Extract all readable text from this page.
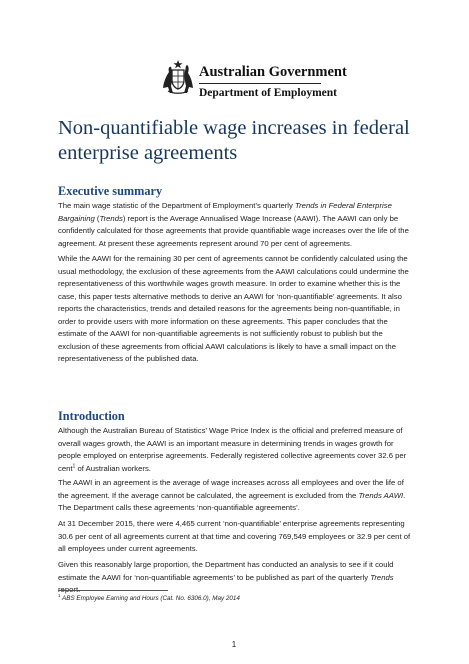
Australian Government
Department of Employment
Non-quantifiable wage increases in federal enterprise agreements
Executive summary

The main wage statistic of the Department of Employment’s quarterly Trends in Federal Enterprise Bargaining (Trends) report is the Average Annualised Wage Increase (AAWI). The AAWI can only be confidently calculated for those agreements that provide quantifiable wage increases over the life of the agreement. At present these agreements represent around 70 per cent of agreements.

While the AAWI for the remaining 30 per cent of agreements cannot be confidently calculated using the usual methodology, the exclusion of these agreements from the AAWI calculations could undermine the representativeness of this worthwhile wages growth measure. In order to examine whether this is the case, this paper tests alternative methods to derive an AAWI for ‘non-quantifiable’ agreements. It also reports the characteristics, trends and detailed reasons for the agreements being non-quantifiable, in order to provide users with more information on these agreements. This paper concludes that the estimate of the AAWI for non-quantifiable agreements is not sufficiently robust to publish but the exclusion of these agreements from official AAWI calculations is likely to have a small impact on the representativeness of the published data.

Introduction

Although the Australian Bureau of Statistics’ Wage Price Index is the official and preferred measure of overall wages growth, the AAWI is an important measure in determining trends in wages growth for people employed on enterprise agreements. Federally registered collective agreements cover 32.6 per cent$^1$ of Australian workers.

The AAWI in an agreement is the average of wage increases across all employees and over the life of the agreement. If the average cannot be calculated, the agreement is excluded from the Trends AAWI. The Department calls these agreements ‘non-quantifiable agreements’.

At 31 December 2015, there were 4,465 current ‘non-quantifiable’ enterprise agreements representing 30.6 per cent of all agreements current at that time and covering 769,549 employees or 32.9 per cent of all employees under current agreements.

Given this reasonably large proportion, the Department has conducted an analysis to see if it could estimate the AAWI for ‘non-quantifiable agreements’ to be published as part of the quarterly Trends

$^1$ ABS Employee Earning and Hours (Cat. No. 6306.0), May 2014
1
